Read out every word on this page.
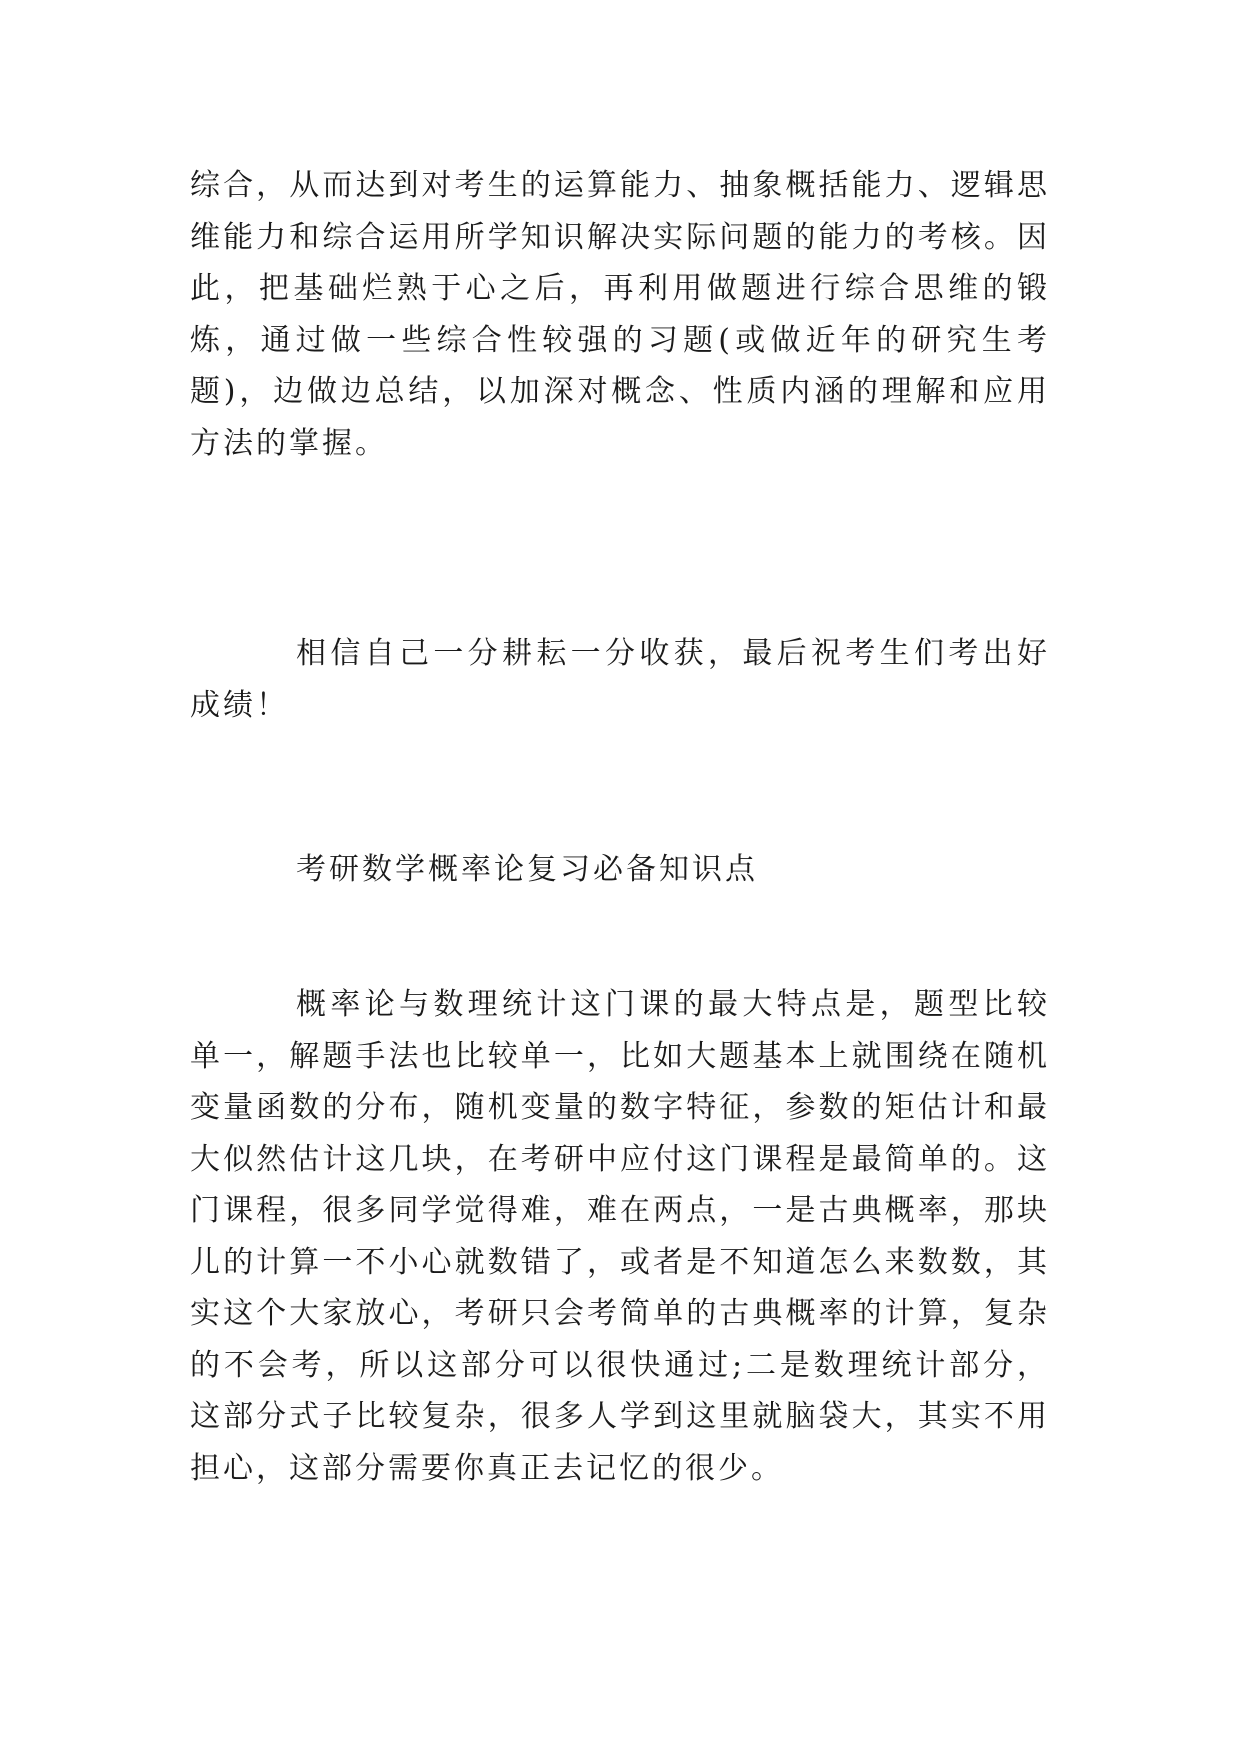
综合，从而达到对考生的运算能力、抽象概括能力、逻辑思维能力和综合运用所学知识解决实际问题的能力的考核。因此，把基础烂熟于心之后，再利用做题进行综合思维的锻炼，通过做一些综合性较强的习题(或做近年的研究生考题)，边做边总结，以加深对概念、性质内涵的理解和应用方法的掌握。

相信自己一分耕耘一分收获，最后祝考生们考出好成绩！

考研数学概率论复习必备知识点

概率论与数理统计这门课的最大特点是，题型比较单一，解题手法也比较单一，比如大题基本上就围绕在随机变量函数的分布，随机变量的数字特征，参数的矩估计和最大似然估计这几块，在考研中应付这门课程是最简单的。这门课程，很多同学觉得难，难在两点，一是古典概率，那块儿的计算一不小心就数错了，或者是不知道怎么来数数，其实这个大家放心，考研只会考简单的古典概率的计算，复杂的不会考，所以这部分可以很快通过;二是数理统计部分，这部分式子比较复杂，很多人学到这里就脑袋大，其实不用担心，这部分需要你真正去记忆的很少。
